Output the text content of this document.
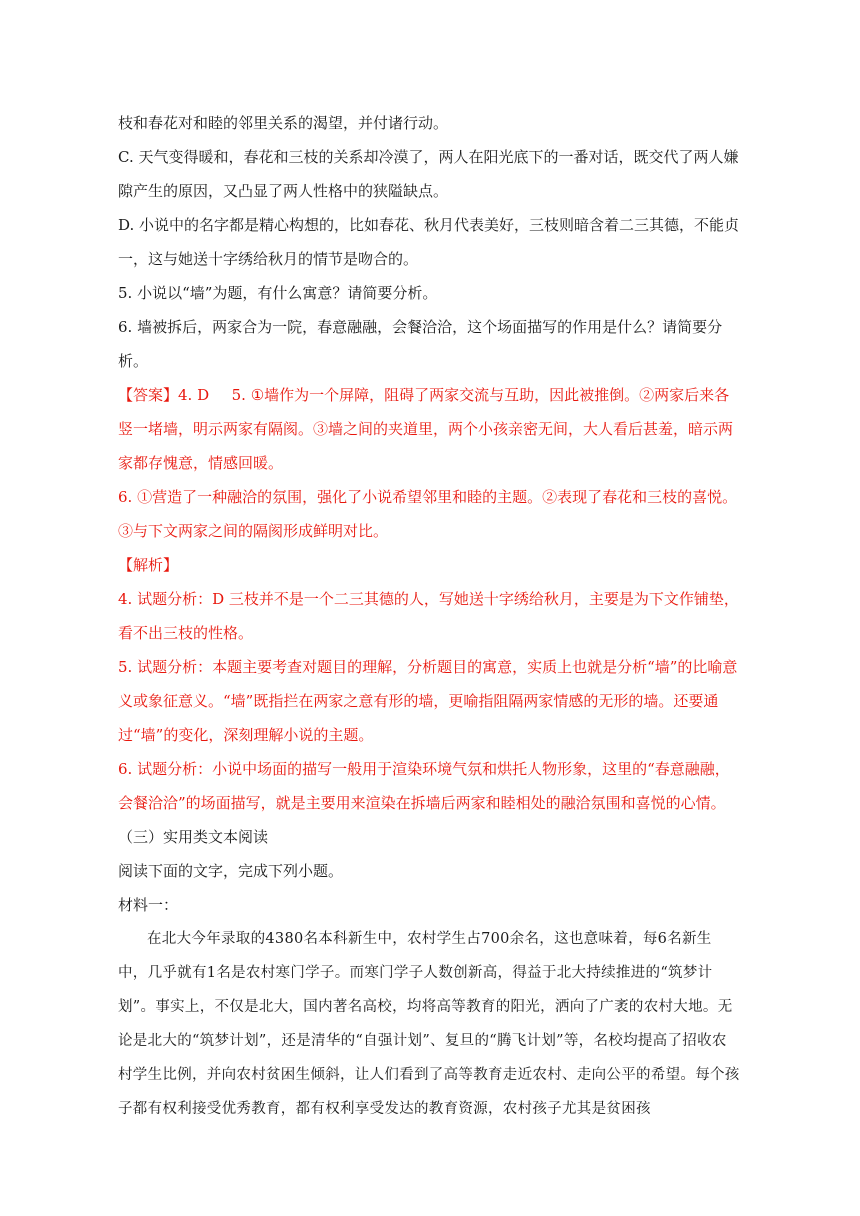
枝和春花对和睦的邻里关系的渴望，并付诸行动。

C. 天气变得暖和，春花和三枝的关系却冷漠了，两人在阳光底下的一番对话，既交代了两人嫌隙产生的原因，又凸显了两人性格中的狭隘缺点。

D. 小说中的名字都是精心构想的，比如春花、秋月代表美好，三枝则暗含着二三其德，不能贞一，这与她送十字绣给秋月的情节是吻合的。

5. 小说以“墙”为题，有什么寓意？请简要分析。

6. 墙被拆后，两家合为一院，春意融融，会餐洽洽，这个场面描写的作用是什么？请简要分析。

【答案】4. D   5. ①墙作为一个屏障，阻碍了两家交流与互助，因此被推倒。②两家后来各竖一堵墙，明示两家有隔阂。③墙之间的夹道里，两个小孩亲密无间，大人看后甚羞，暗示两家都存愧意，情感回暖。

6. ①营造了一种融洽的氛围，强化了小说希望邻里和睦的主题。②表现了春花和三枝的喜悦。③与下文两家之间的隔阂形成鲜明对比。

【解析】

4. 试题分析：D 三枝并不是一个二三其德的人，写她送十字绣给秋月，主要是为下文作铺垫，看不出三枝的性格。

5. 试题分析：本题主要考查对题目的理解，分析题目的寓意，实质上也就是分析“墙”的比喻意义或象征意义。“墙”既指拦在两家之意有形的墙，更喻指阻隔两家情感的无形的墙。还要通过“墙”的变化，深刻理解小说的主题。

6. 试题分析：小说中场面的描写一般用于渲染环境气氛和烘托人物形象，这里的“春意融融，会餐洽洽”的场面描写，就是主要用来渲染在拆墙后两家和睦相处的融洽氛围和喜悦的心情。

（三）实用类文本阅读

阅读下面的文字，完成下列小题。

材料一：

在北大今年录取的4380名本科新生中，农村学生占700余名，这也意味着，每6名新生中，几乎就有1名是农村寒门学子。而寒门学子人数创新高，得益于北大持续推进的“筑梦计划”。事实上，不仅是北大，国内著名高校，均将高等教育的阳光，洒向了广袤的农村大地。无论是北大的“筑梦计划”，还是清华的“自强计划”、复旦的“腾飞计划”等，名校均提高了招收农村学生比例，并向农村贫困生倾斜，让人们看到了高等教育走近农村、走向公平的希望。每个孩子都有权利接受优秀教育，都有权利享受发达的教育资源，农村孩子尤其是贫困孩
